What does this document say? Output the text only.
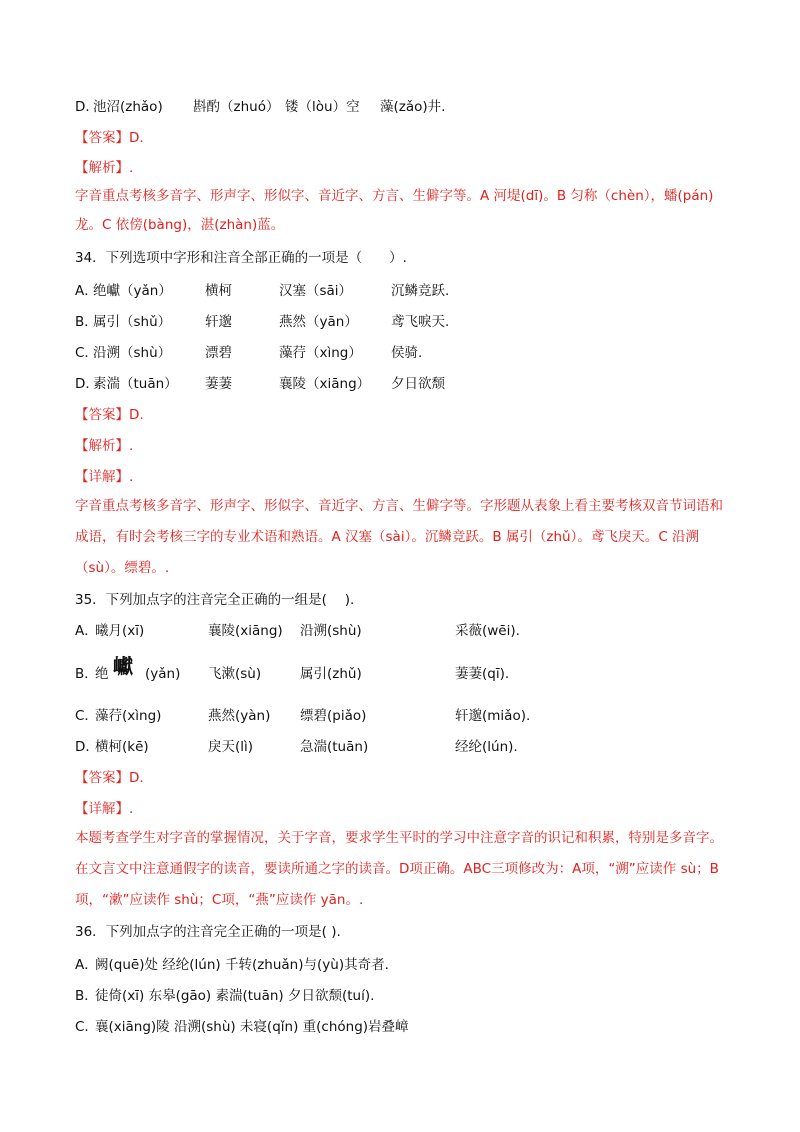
D．
池沼(zhǎo) 斟酌（zhuó） 镂（lòu）空 藻(zǎo)井.
【答案】D.
【解析】.
字音重点考核多音字、形声字、形似字、音近字、方言、生僻字等。A 河堤(dī)。B 匀称（chèn），蟠(pán)龙。C 依傍(bàng)，湛(zhàn)蓝。
34．下列选项中字形和注音全部正确的一项是（　　）.
A．
绝巘（yǎn） 横柯	汉塞（sāi）	沉鳞竞跃.
B．
属引（shǔ）	轩邈	燕然（yān） 鸢飞唳天.
C．
沿溯（shù）	漂碧	藻荇（xìng） 侯骑.
D．
素湍（tuān） 萋萋	襄陵（xiāng） 夕日欲颓
【答案】D.
【解析】.
【详解】.
字音重点考核多音字、形声字、形似字、音近字、方言、生僻字等。字形题从表象上看主要考核双音节词语和成语，有时会考核三字的专业术语和熟语。A 汉塞（sài）。沉鳞竞跃。B 属引（zhǔ）。鸢飞戾天。C 沿溯（sù）。缥碧。.
35．下列加点字的注音完全正确的一组是(　 ).
A．
曦月(xī)	襄陵(xiāng) 沿溯(shù)	采薇(wēi).
B．
绝 巘 (yǎn) 飞漱(sù)	属引(zhǔ)	萋萋(qī).
C．
藻荇(xìng)	燕然(yàn) 缥碧(piǎo)	轩邈(miǎo).
D．
横柯(kē)	戾天(lì)	急湍(tuān)	经纶(lún).
【答案】D.
【详解】.
本题考查学生对字音的掌握情况，关于字音，要求学生平时的学习中注意字音的识记和积累，特别是多音字。在文言文中注意通假字的读音，要读所通之字的读音。D项正确。ABC三项修改为：A项，“溯”应读作 sù；B项，“漱”应读作 shù；C项，“燕”应读作 yān。.
36．下列加点字的注音完全正确的一项是( ).
A．
阙(quē)处 经纶(lún) 千转(zhuǎn)与(yù)其奇者.
B．
徒倚(xī) 东皋(gāo) 素湍(tuān) 夕日欲颓(tuí).
C．
襄(xiāng)陵 沿溯(shù) 未寝(qǐn) 重(chóng)岩叠嶂
